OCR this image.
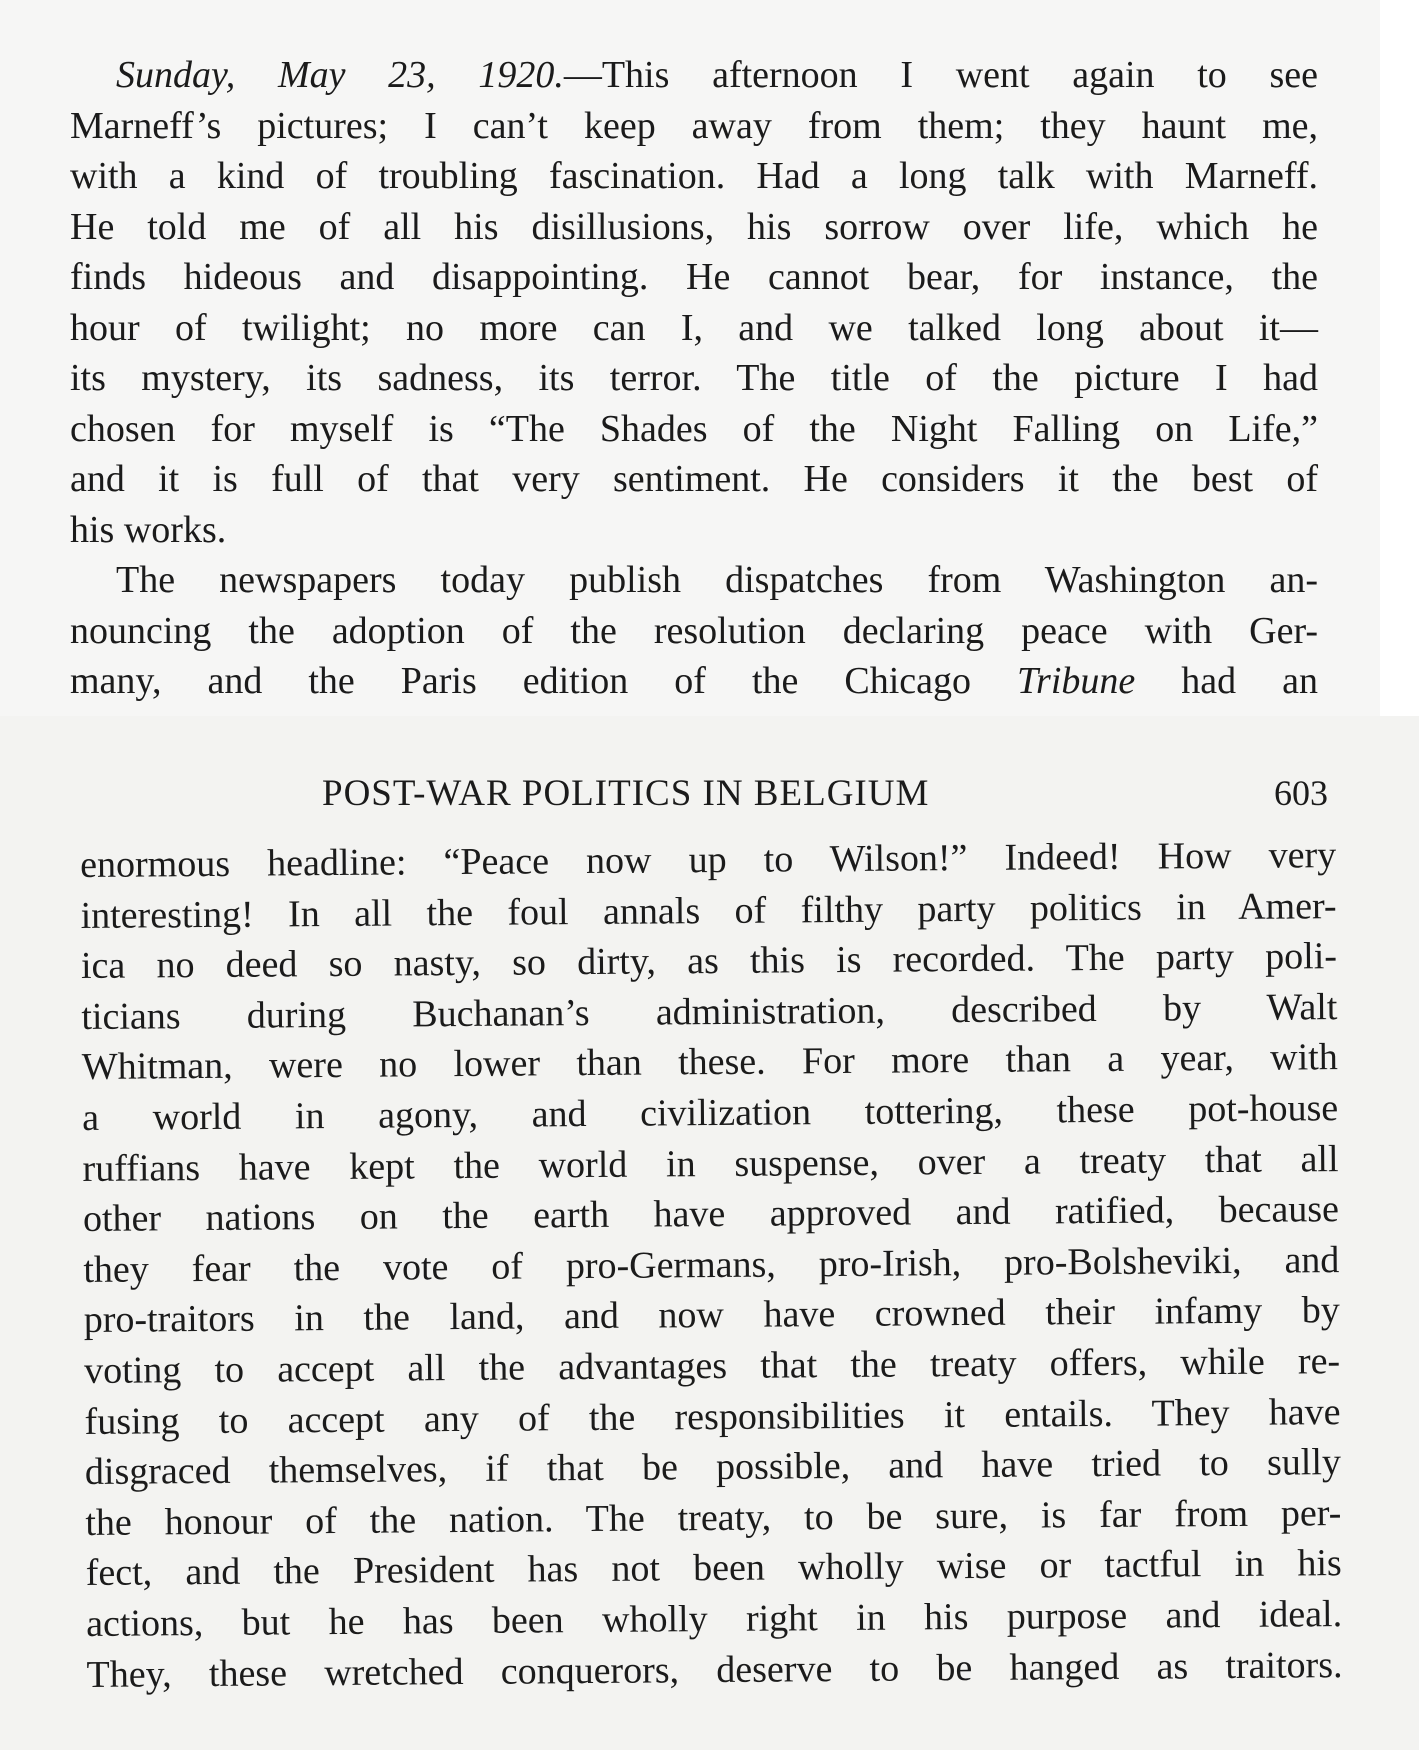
Sunday, May 23, 1920.—This afternoon I went again to see
Marneff’s pictures; I can’t keep away from them; they haunt me,
with a kind of troubling fascination. Had a long talk with Marneff.
He told me of all his disillusions, his sorrow over life, which he
finds hideous and disappointing. He cannot bear, for instance, the
hour of twilight; no more can I, and we talked long about it—
its mystery, its sadness, its terror. The title of the picture I had
chosen for myself is “The Shades of the Night Falling on Life,”
and it is full of that very sentiment. He considers it the best of
his works.
The newspapers today publish dispatches from Washington an-
nouncing the adoption of the resolution declaring peace with Ger-
many, and the Paris edition of the Chicago Tribune had an
POST-WAR POLITICS IN BELGIUM	603
enormous headline: “Peace now up to Wilson!” Indeed! How very
interesting! In all the foul annals of filthy party politics in Amer-
ica no deed so nasty, so dirty, as this is recorded. The party poli-
ticians during Buchanan’s administration, described by Walt
Whitman, were no lower than these. For more than a year, with
a world in agony, and civilization tottering, these pot-house
ruffians have kept the world in suspense, over a treaty that all
other nations on the earth have approved and ratified, because
they fear the vote of pro-Germans, pro-Irish, pro-Bolsheviki, and
pro-traitors in the land, and now have crowned their infamy by
voting to accept all the advantages that the treaty offers, while re-
fusing to accept any of the responsibilities it entails. They have
disgraced themselves, if that be possible, and have tried to sully
the honour of the nation. The treaty, to be sure, is far from per-
fect, and the President has not been wholly wise or tactful in his
actions, but he has been wholly right in his purpose and ideal.
They, these wretched conquerors, deserve to be hanged as traitors.
